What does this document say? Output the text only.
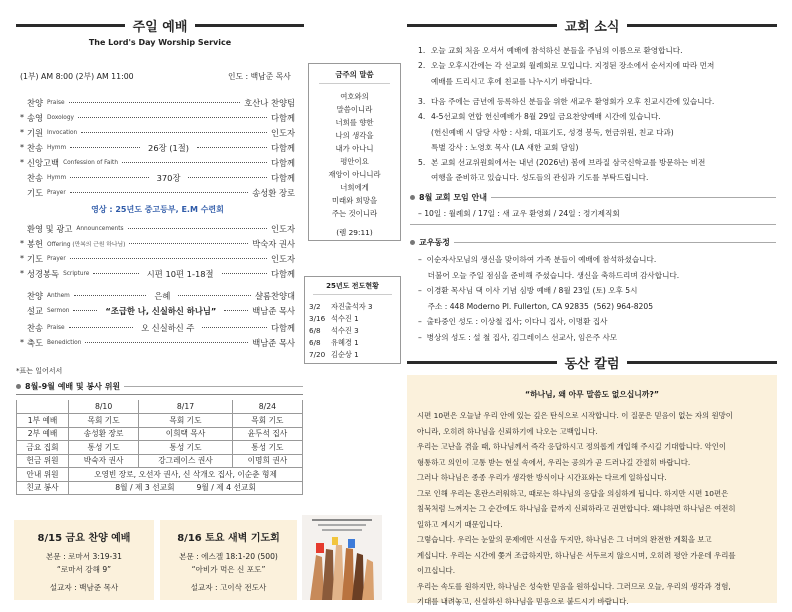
주일 예배
The Lord's Day Worship Service
(1부) AM 8:00 (2부) AM 11:00	인도 : 백남준 목사
찬양 Praise	호산나 찬양팀
* 송영 Doxology	다함께
* 기원 Invocation	인도자
* 찬송 Hymm	26장 (1절)	다함께
* 신앙고백 Confession of Faith	다함께
찬송 Hymm	370장	다함께
기도 Prayer	송성환 장로
환영 및 광고 Announcements	인도자
* 봉헌 Offering (만복의 근원 하나님)	박숙자 권사
* 기도 Prayer	인도자
* 성경봉독 Scripture	시편 10편 1-18절	다함께
찬양 Anthem	은혜	샬롬찬양대
설교 Sermon	“조급한 나, 신실하신 하나님”	백남준 목사
찬송 Praise	오 신실하신 주	다함께
* 축도 Benediction	백남준 목사
영상 : 25년도 중고등부, E.M 수련회
*표는 일어서서
금주의 말씀
여호와의
말씀이니라
너희를 향한
나의 생각을
내가 아나니
평안이요
재앙이 아니니라
너희에게
미래와 희망을
주는 것이니라
(렘 29:11)
25년도 전도현황
3/2	자진출석자 3
3/16 석수진 1
6/8	석수진 3
6/8	유혜경 1
7/20 김순상 1
8월-9월 예배 및 봉사 위원
	8/10	8/17	8/24
1부 예배	목회 기도	목회 기도	목회 기도
2부 예배	송성환 장로	이희택 목사	윤두석 집사
금요 집회	통성 기도	통성 기도	통성 기도
헌금 위원	박숙자 권사	강그레이스 권사	이명희 권사
안내 위원	오영빈 장로, 오선자 권사, 신 삭개오 집사, 이순춘 형제		
친교 봉사	8월 / 제 3 선교회         9월 / 제 4 선교회		
8/15 금요 찬양 예배
본문 : 로마서 3:19-31
“로마서 강해 9”
설교자 : 백남준 목사
8/16 토요 새벽 기도회
본문 : 에스겔 18:1-20 (500)
“아비가 먹은 신 포도”
설교자 : 고이삭 전도사
교회 소식
1. 오늘 교회 처음 오셔서 예배에 참석하신 분들을 주님의 이름으로 환영합니다.
2. 오늘 오후시간에는 각 선교회 월례회로 모입니다. 지정된 장소에서 순서지에 따라 먼저
예배를 드리시고 후에 친교를 나누시기 바랍니다.
3. 다음 주에는 금년에 등록하신 분들을 위한 새교우 환영회가 오후 친교시간에 있습니다.
4. 4-5선교회 연합 헌신예배가 8월 29일 금요찬양예배 시간에 있습니다.
(헌신예배 시 담당 사항 : 사회, 대표기도, 성경 봉독, 헌금위원, 친교 다과)
특별 강사 : 노영호 목사 (LA 새한 교회 담임)
5. 본 교회 선교위원회에서는 내년 (2026년) 봄에 브라질 삼국신학교를 방문하는 비전
여행을 준비하고 있습니다. 성도들의 관심과 기도를 부탁드립니다.
8월 교회 모임 안내
– 10일 : 월례회 / 17일 : 새 교우 환영회 / 24일 : 정기제직회
교우동정
–  이순자사모님의 생신을 맞이하여 가족 분들이 예배에 참석하셨습니다.
더불어 오늘 주일 점심을 준비해 주셨습니다. 생신을 축하드리며 감사합니다.
–  이경환 목사님 댁 이사 기념 심방 예배 / 8월 23일 (토) 오후 5시
주소 : 448 Moderno Pl. Fullerton, CA 92835  (562) 964-8205
–  출타중인 성도 : 이상철 집사; 이다니 집사, 이명환 집사
–  병상의 성도 : 설 철 집사, 김그레이스 선교사, 임은주 사모
동산 칼럼
“하나님, 왜 아무 말씀도 없으십니까?”
시편 10편은 오늘날 우리 안에 있는 깊은 탄식으로 시작합니다. 이 질문은 믿음이 없는 자의 원망이
아니라, 오히려 하나님을 신뢰하기에 나오는 고백입니다.
우리는 고난을 겪을 때, 하나님께서 즉각 응답하시고 정의롭게 개입해 주시길 기대합니다. 악인이
형통하고 의인이 고통 받는 현실 속에서, 우리는 공의가 곧 드러나길 간절히 바랍니다.
그러나 하나님은 종종 우리가 생각한 방식이나 시간표와는 다르게 일하십니다.
그로 인해 우리는 혼란스러워하고, 때로는 하나님의 응답을 의심하게 됩니다. 하지만 시편 10편은
침묵처럼 느껴지는 그 순간에도 하나님을 끝까지 신뢰하라고 권면합니다. 왜냐하면 하나님은 여전히
일하고 계시기 때문입니다.
그렇습니다. 우리는 눈앞의 문제에만 시선을 두지만, 하나님은 그 너머의 완전한 계획을 보고
계십니다. 우리는 시간에 쫓겨 조급하지만, 하나님은 서두르지 않으시며, 오히려 평안 가운데 우리를
이끄십니다.
우리는 속도를 원하지만, 하나님은 성숙한 믿음을 원하십니다. 그러므로 오늘, 우리의 생각과 경험,
기대를 내려놓고, 신실하신 하나님을 믿음으로 붙드시기 바랍니다.
